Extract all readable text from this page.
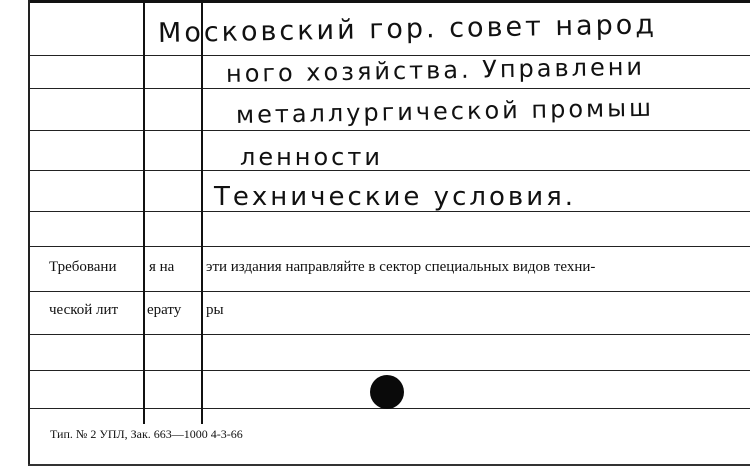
Московский гор. совет народ
ного хозяйства. Управлени
металлургической промыш
ленности
Технические условия.
Требовани я на эти издания направляйте в сектор специальных видов техни-
ческой лит ерату ры
Тип. № 2 УПЛ, Зак. 663—1000 4-3-66
